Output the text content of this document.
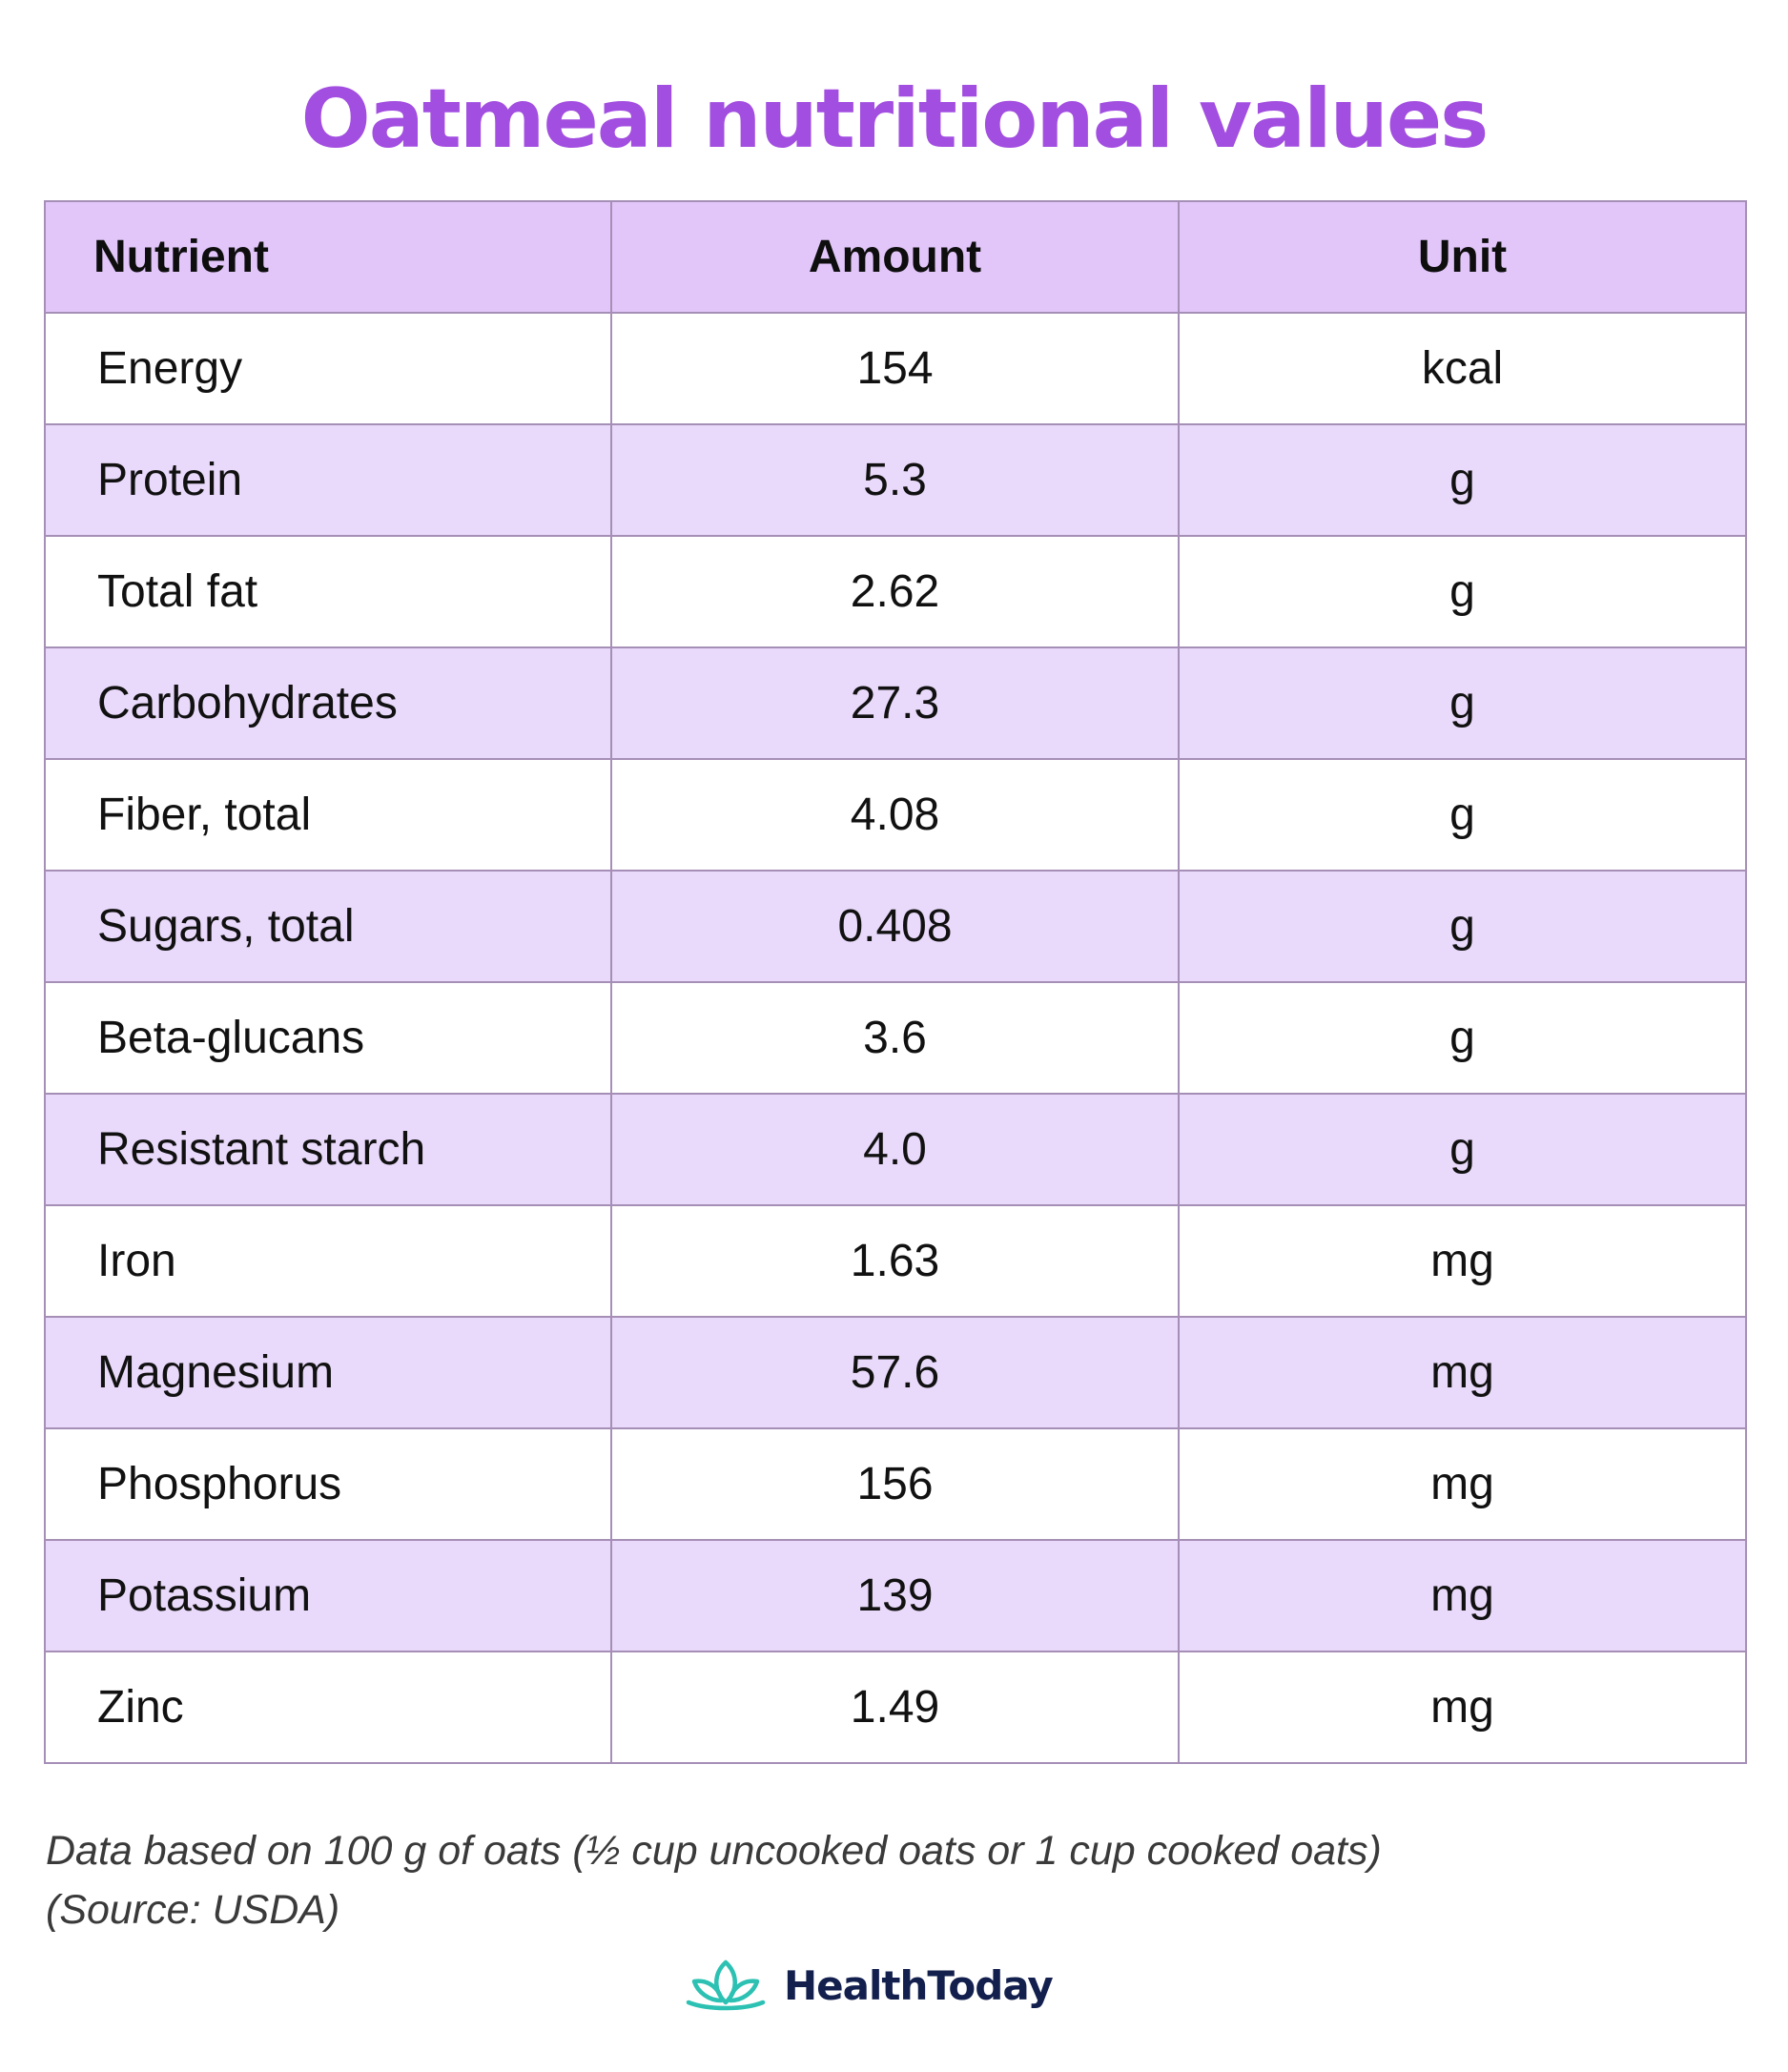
Oatmeal nutritional values
Nutrient	Amount	Unit
Energy	154	kcal
Protein	5.3	g
Total fat	2.62	g
Carbohydrates	27.3	g
Fiber, total	4.08	g
Sugars, total	0.408	g
Beta-glucans	3.6	g
Resistant starch	4.0	g
Iron	1.63	mg
Magnesium	57.6	mg
Phosphorus	156	mg
Potassium	139	mg
Zinc	1.49	mg
Data based on 100 g of oats (½ cup uncooked oats or 1 cup cooked oats)
(Source: USDA)
HealthToday
